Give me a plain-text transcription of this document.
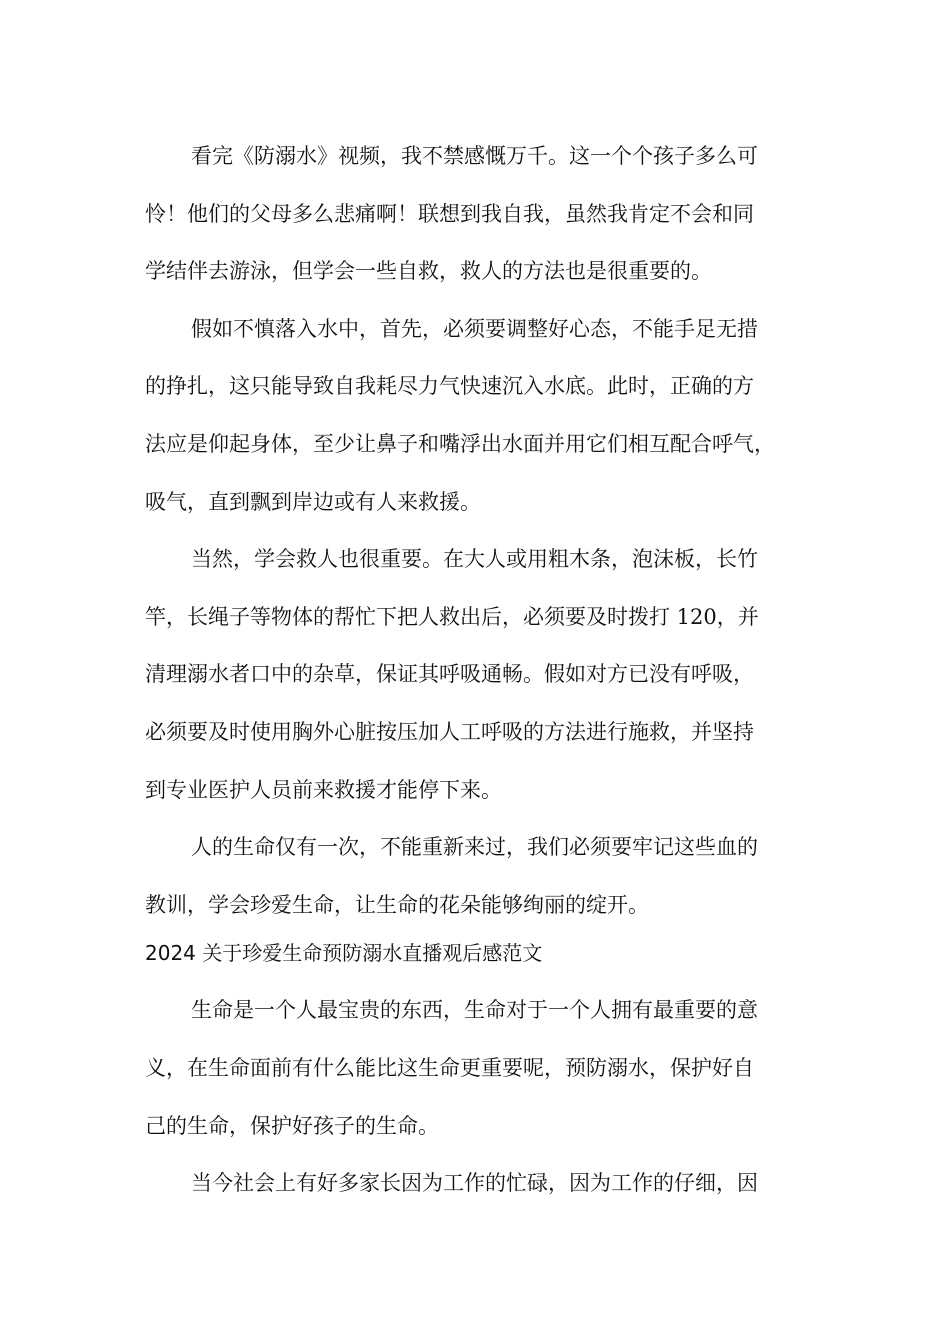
看完《防溺水》视频，我不禁感慨万千。这一个个孩子多么可
怜！他们的父母多么悲痛啊！联想到我自我，虽然我肯定不会和同
学结伴去游泳，但学会一些自救，救人的方法也是很重要的。
假如不慎落入水中，首先，必须要调整好心态，不能手足无措
的挣扎，这只能导致自我耗尽力气快速沉入水底。此时，正确的方
法应是仰起身体，至少让鼻子和嘴浮出水面并用它们相互配合呼气，
吸气，直到飘到岸边或有人来救援。
当然，学会救人也很重要。在大人或用粗木条，泡沫板，长竹
竿，长绳子等物体的帮忙下把人救出后，必须要及时拨打 120，并
清理溺水者口中的杂草，保证其呼吸通畅。假如对方已没有呼吸，
必须要及时使用胸外心脏按压加人工呼吸的方法进行施救，并坚持
到专业医护人员前来救援才能停下来。
人的生命仅有一次，不能重新来过，我们必须要牢记这些血的
教训，学会珍爱生命，让生命的花朵能够绚丽的绽开。
2024 关于珍爱生命预防溺水直播观后感范文
生命是一个人最宝贵的东西，生命对于一个人拥有最重要的意
义，在生命面前有什么能比这生命更重要呢，预防溺水，保护好自
己的生命，保护好孩子的生命。
当今社会上有好多家长因为工作的忙碌，因为工作的仔细，因
